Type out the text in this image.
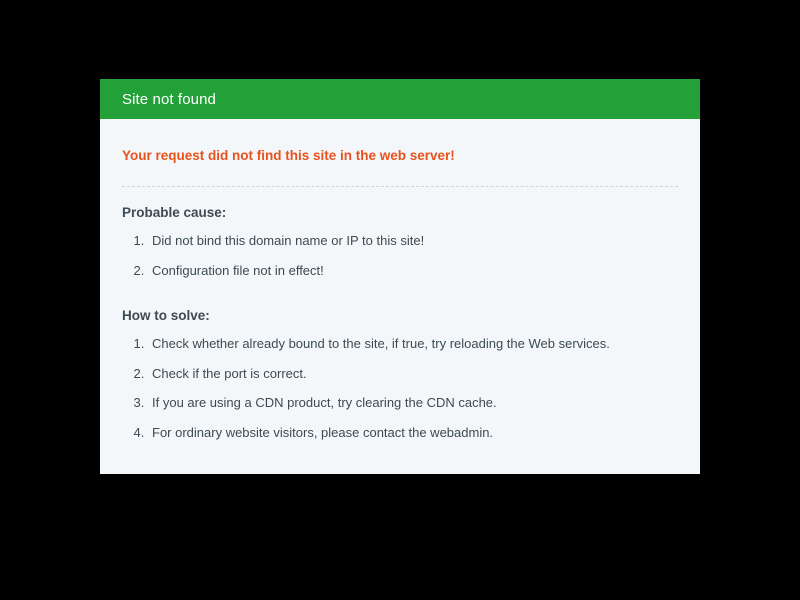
Site not found

Your request did not find this site in the web server!

Probable cause:

1. Did not bind this domain name or IP to this site!
2. Configuration file not in effect!

How to solve:

1. Check whether already bound to the site, if true, try reloading the Web services.
2. Check if the port is correct.
3. If you are using a CDN product, try clearing the CDN cache.
4. For ordinary website visitors, please contact the webadmin.
